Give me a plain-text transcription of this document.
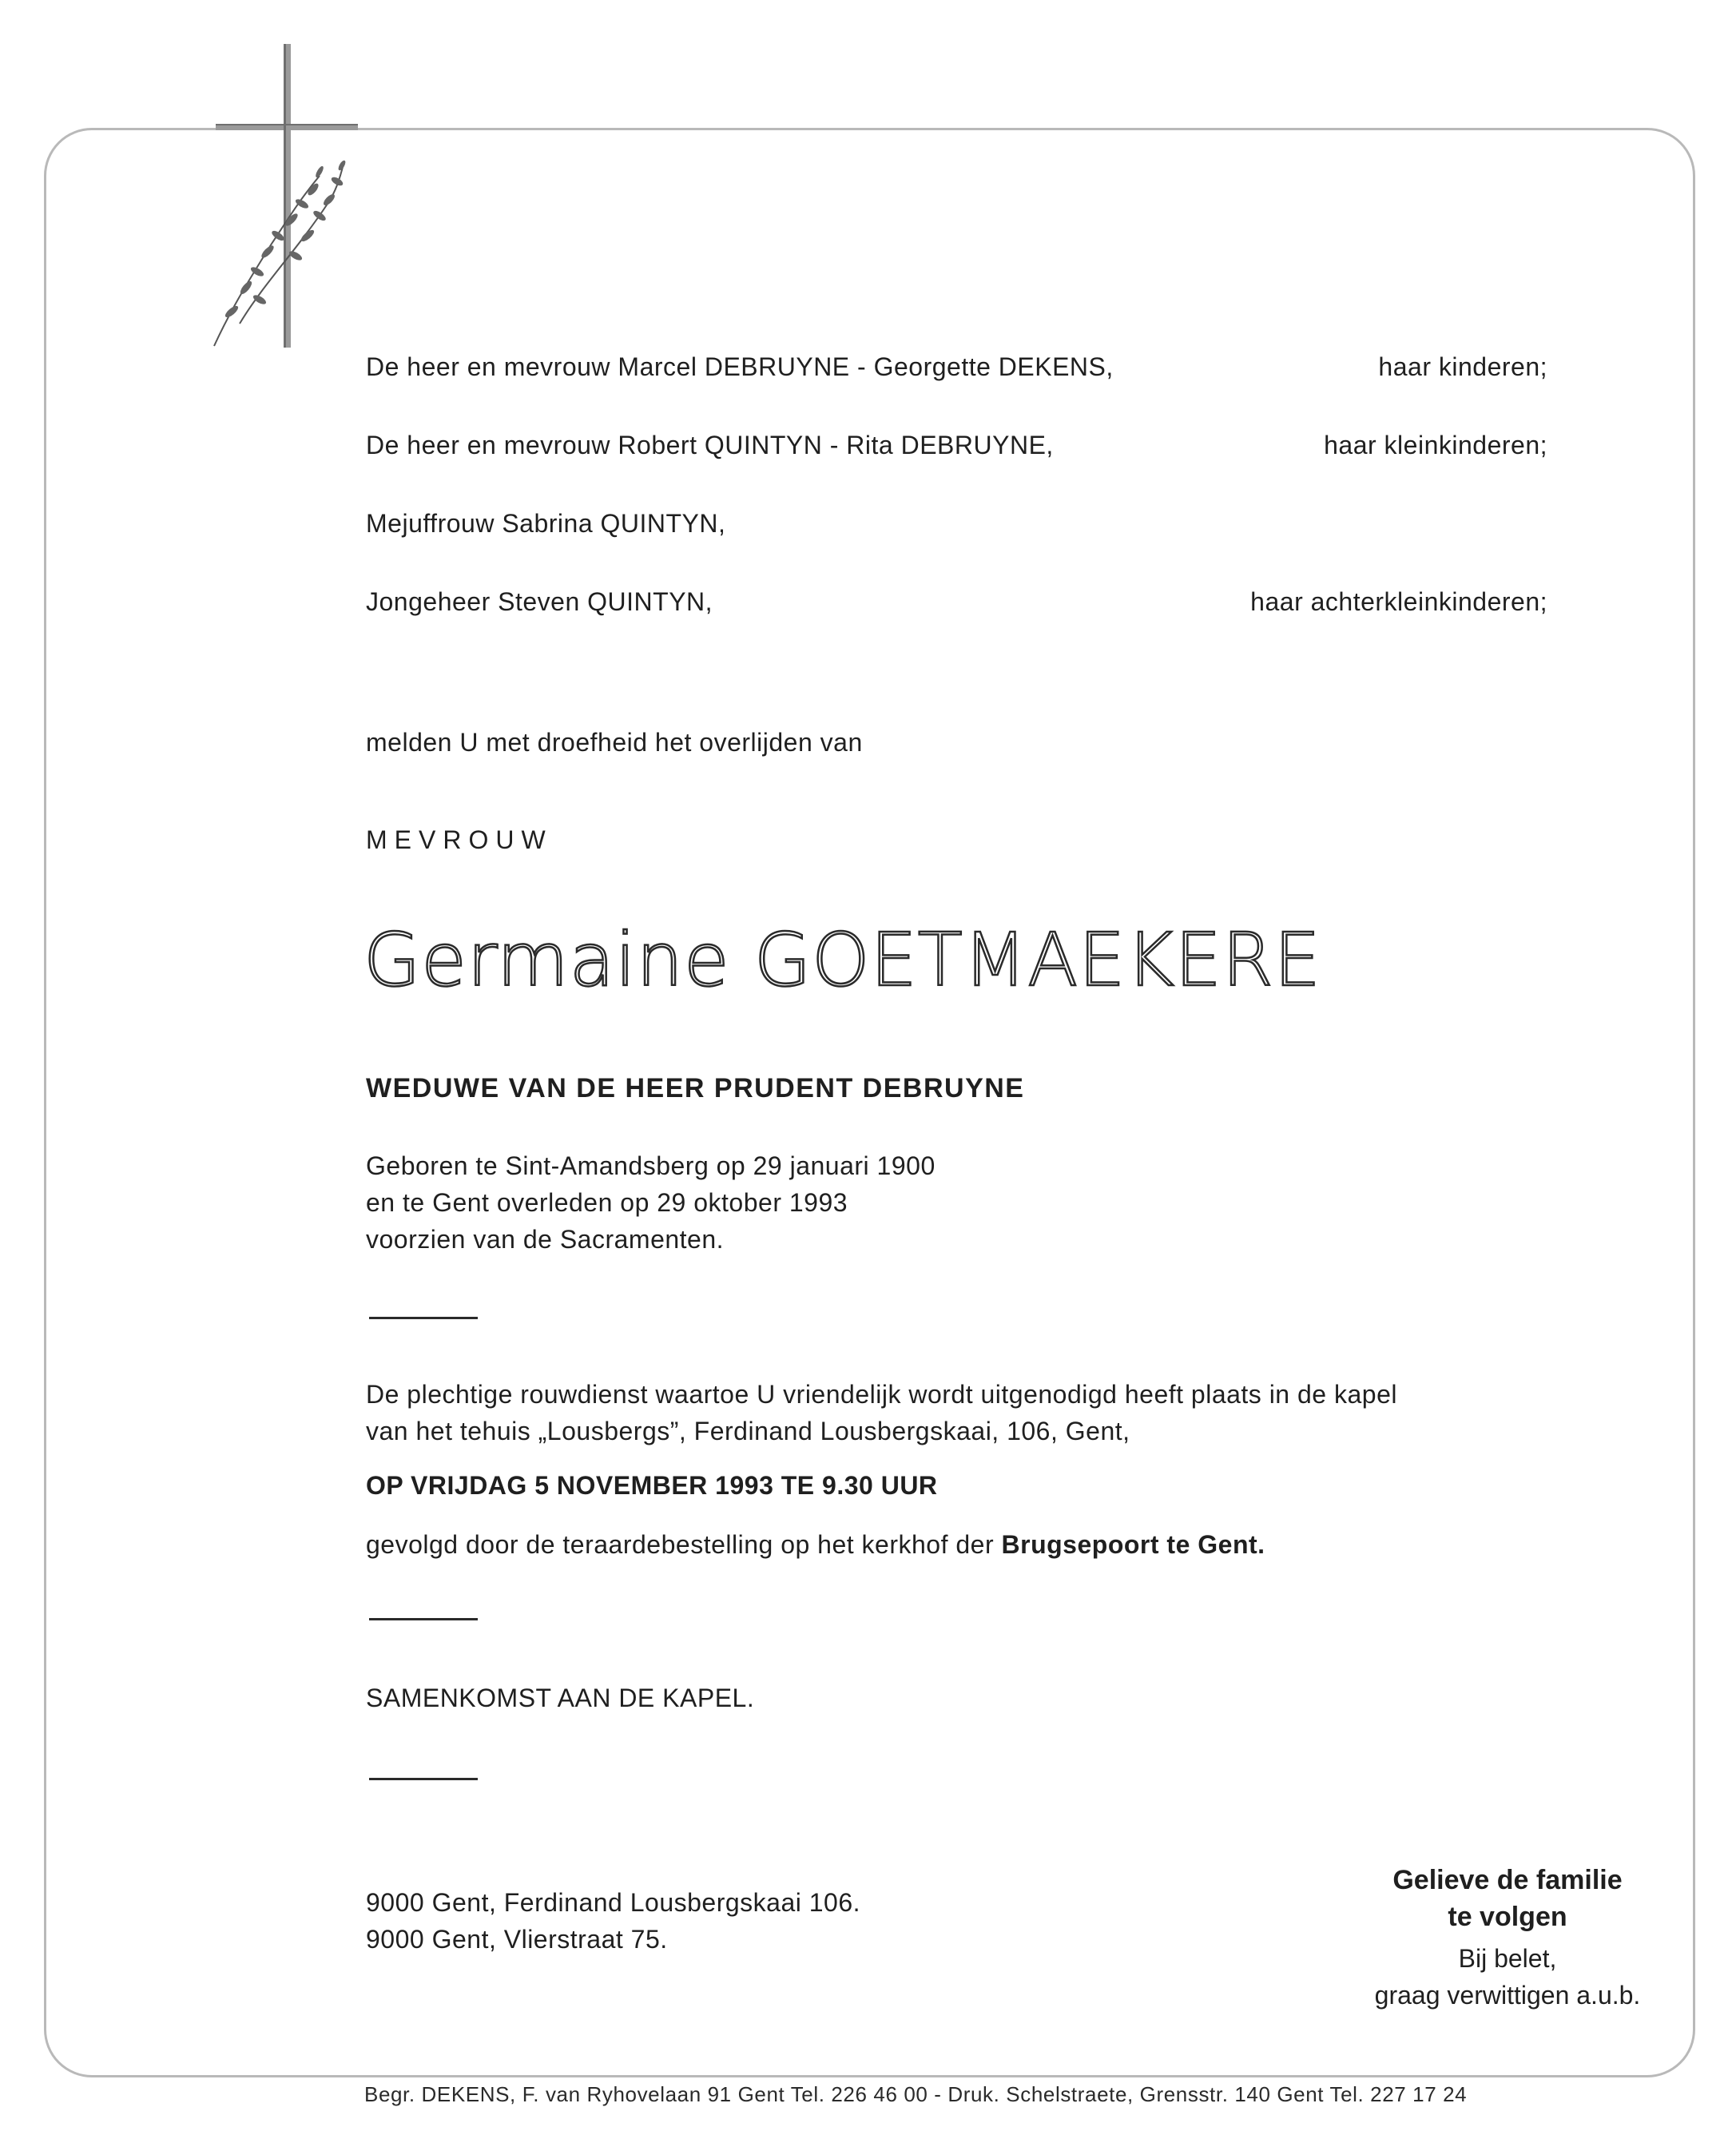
De heer en mevrouw Marcel DEBRUYNE - Georgette DEKENS,	haar kinderen;
De heer en mevrouw Robert QUINTYN - Rita DEBRUYNE,	haar kleinkinderen;
Mejuffrouw Sabrina QUINTYN,
Jongeheer Steven QUINTYN,	haar achterkleinkinderen;
melden U met droefheid het overlijden van
MEVROUW
Germaine GOETMAEKERE
WEDUWE VAN DE HEER PRUDENT DEBRUYNE
Geboren te Sint-Amandsberg op 29 januari 1900
en te Gent overleden op 29 oktober 1993
voorzien van de Sacramenten.
De plechtige rouwdienst waartoe U vriendelijk wordt uitgenodigd heeft plaats in de kapel
van het tehuis „Lousbergs”, Ferdinand Lousbergskaai, 106, Gent,
OP VRIJDAG 5 NOVEMBER 1993 TE 9.30 UUR
gevolgd door de teraardebestelling op het kerkhof der Brugsepoort te Gent.
SAMENKOMST AAN DE KAPEL.
9000 Gent, Ferdinand Lousbergskaai 106.
9000 Gent, Vlierstraat 75.
Gelieve de familie
te volgen
Bij belet,
graag verwittigen a.u.b.
Begr. DEKENS, F. van Ryhovelaan 91 Gent Tel. 226 46 00 - Druk. Schelstraete, Grensstr. 140 Gent Tel. 227 17 24
